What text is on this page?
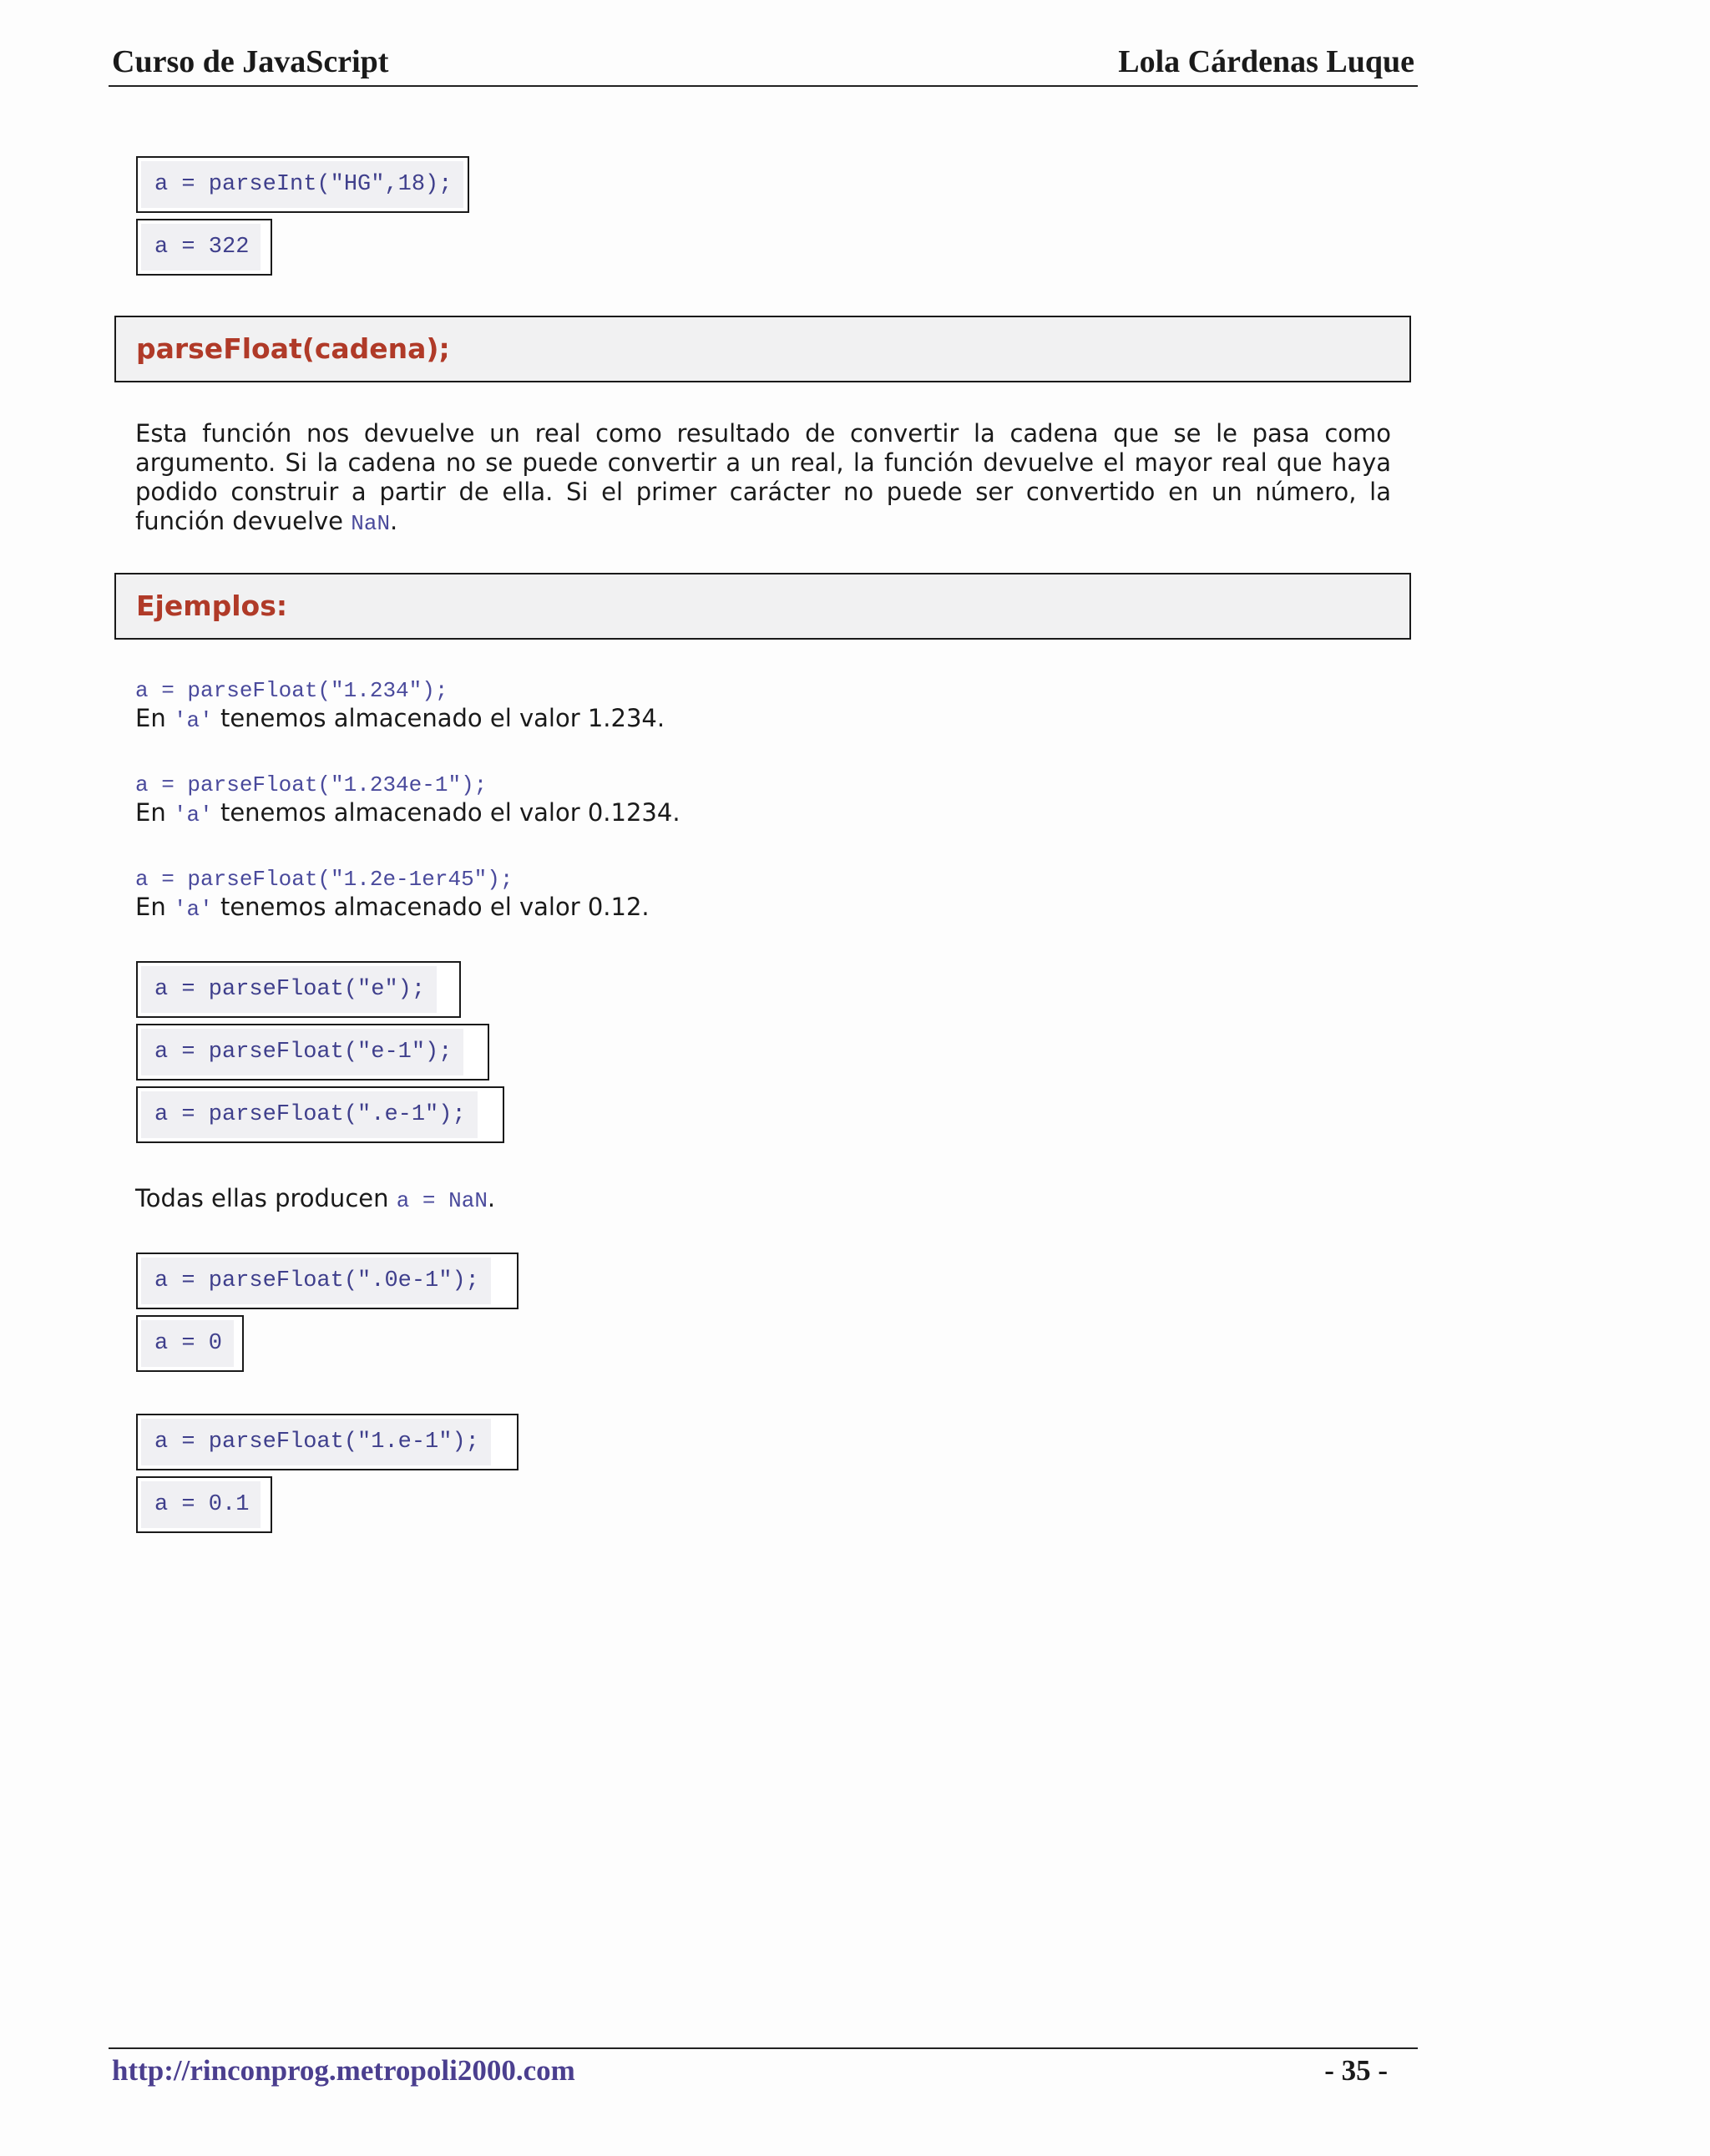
Curso de JavaScript	Lola Cárdenas Luque
a = parseInt("HG",18);
a = 322
parseFloat(cadena);
Esta función nos devuelve un real como resultado de convertir la cadena que se le pasa como argumento. Si la cadena no se puede convertir a un real, la función devuelve el mayor real que haya podido construir a partir de ella. Si el primer carácter no puede ser convertido en un número, la función devuelve NaN.
Ejemplos:
a = parseFloat("1.234");
En 'a' tenemos almacenado el valor 1.234.
a = parseFloat("1.234e-1");
En 'a' tenemos almacenado el valor 0.1234.
a = parseFloat("1.2e-1er45");
En 'a' tenemos almacenado el valor 0.12.
a = parseFloat("e");
a = parseFloat("e-1");
a = parseFloat(".e-1");
Todas ellas producen a = NaN.
a = parseFloat(".0e-1");
a = 0
a = parseFloat("1.e-1");
a = 0.1
http://rinconprog.metropoli2000.com	- 35 -
